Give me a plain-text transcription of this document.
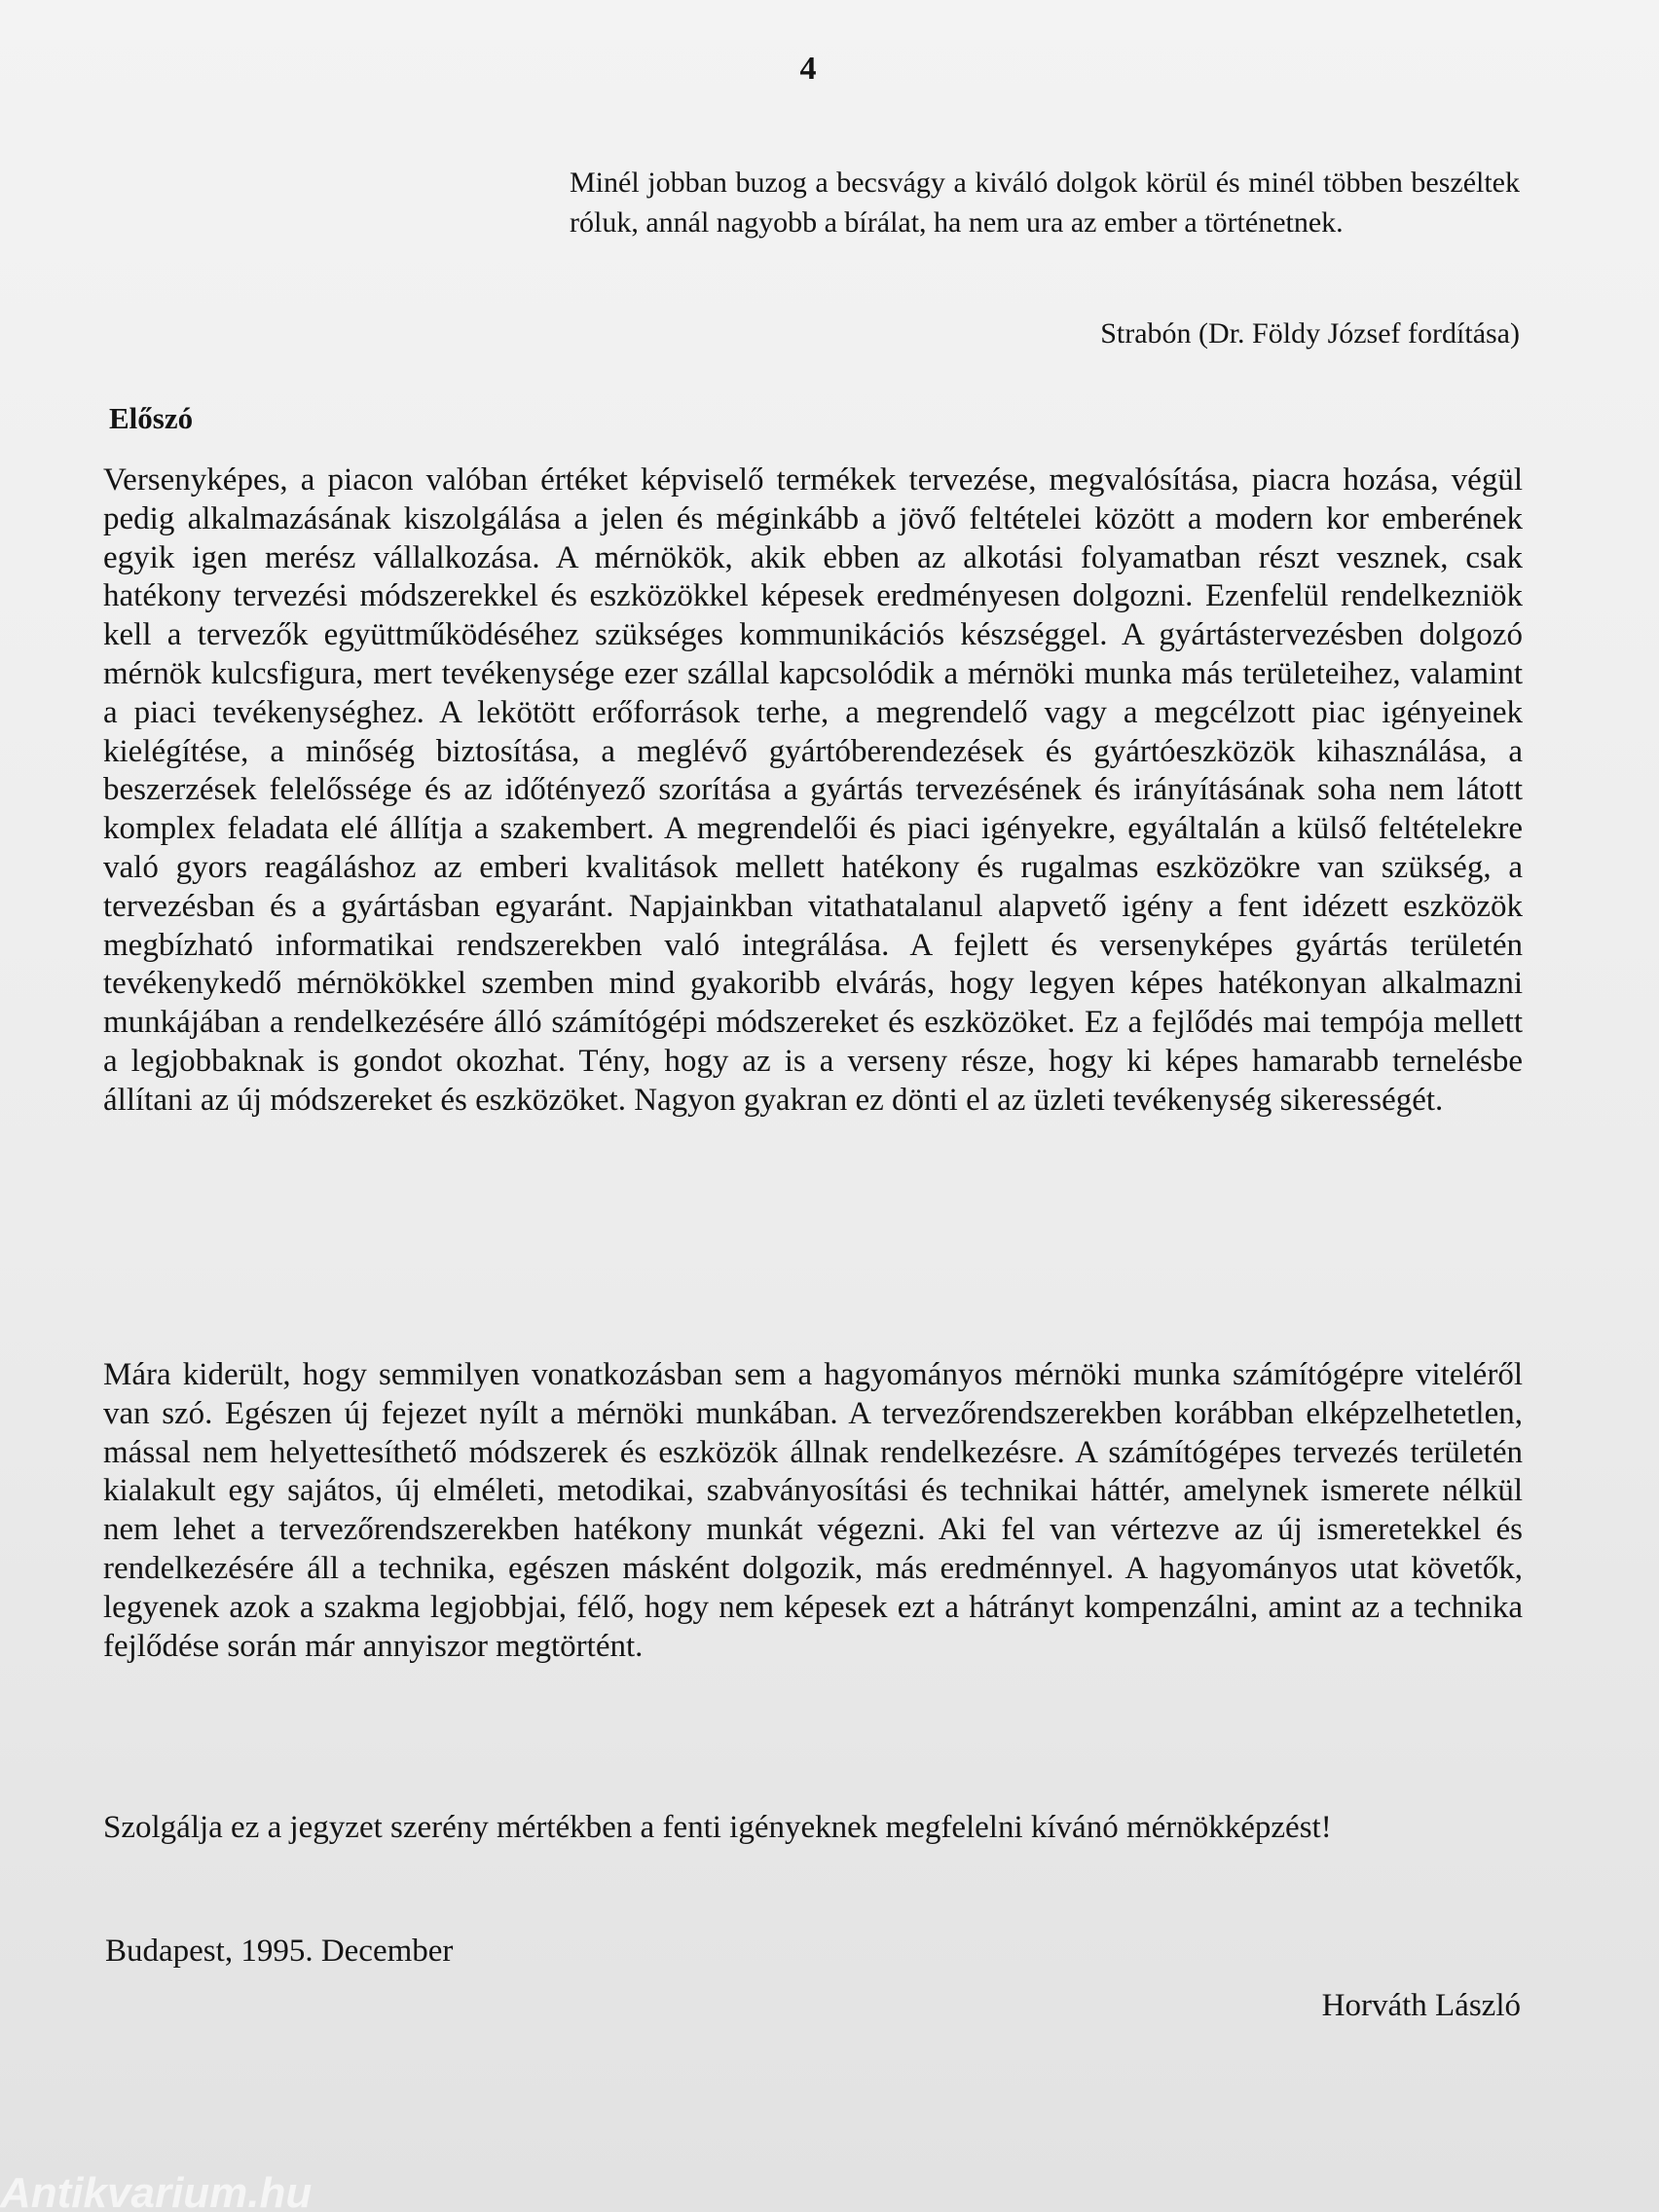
4

Minél jobban buzog a becsvágy a kiváló dolgok körül és minél többen beszéltek róluk, annál nagyobb a bírálat, ha nem ura az ember a történetnek.

Strabón (Dr. Földy József fordítása)

Előszó

Versenyképes, a piacon valóban értéket képviselő termékek tervezése, megvalósítása, piacra hozása, végül pedig alkalmazásának kiszolgálása a jelen és méginkább a jövő feltételei között a modern kor emberének egyik igen merész vállalkozása. A mérnökök, akik ebben az alkotási folyamatban részt vesznek, csak hatékony tervezési módszerekkel és eszközökkel képesek eredményesen dolgozni. Ezenfelül rendelkezniök kell a tervezők együttműködéséhez szükséges kommunikációs készséggel. A gyártástervezésben dolgozó mérnök kulcsfigura, mert tevékenysége ezer szállal kapcsolódik a mérnöki munka más területeihez, valamint a piaci tevékenységhez. A lekötött erőforrások terhe, a megrendelő vagy a megcélzott piac igényeinek kielégítése, a minőség biztosítása, a meglévő gyártóberendezések és gyártóeszközök kihasználása, a beszerzések felelőssége és az időtényező szorítása a gyártás tervezésének és irányításának soha nem látott komplex feladata elé állítja a szakembert. A megrendelői és piaci igényekre, egyáltalán a külső feltételekre való gyors reagáláshoz az emberi kvalitások mellett hatékony és rugalmas eszközökre van szükség, a tervezésban és a gyártásban egyaránt. Napjainkban vitathatalanul alapvető igény a fent idézett eszközök megbízható informatikai rendszerekben való integrálása. A fejlett és versenyképes gyártás területén tevékenykedő mérnökökkel szemben mind gyakoribb elvárás, hogy legyen képes hatékonyan alkalmazni munkájában a rendelkezésére álló számítógépi módszereket és eszközöket. Ez a fejlődés mai tempója mellett a legjobbaknak is gondot okozhat. Tény, hogy az is a verseny része, hogy ki képes hamarabb ternelésbe állítani az új módszereket és eszközöket. Nagyon gyakran ez dönti el az üzleti tevékenység sikerességét.

Mára kiderült, hogy semmilyen vonatkozásban sem a hagyományos mérnöki munka számítógépre viteléről van szó. Egészen új fejezet nyílt a mérnöki munkában. A tervezőrendszerekben korábban elképzelhetetlen, mással nem helyettesíthető módszerek és eszközök állnak rendelkezésre. A számítógépes tervezés területén kialakult egy sajátos, új elméleti, metodikai, szabványosítási és technikai háttér, amelynek ismerete nélkül nem lehet a tervezőrendszerekben hatékony munkát végezni. Aki fel van vértezve az új ismeretekkel és rendelkezésére áll a technika, egészen másként dolgozik, más eredménnyel. A hagyományos utat követők, legyenek azok a szakma legjobbjai, félő, hogy nem képesek ezt a hátrányt kompenzálni, amint az a technika fejlődése során már annyiszor megtörtént.

Szolgálja ez a jegyzet szerény mértékben a fenti igényeknek megfelelni kívánó mérnökképzést!

Budapest, 1995. December

Horváth László

Antikvarium.hu
